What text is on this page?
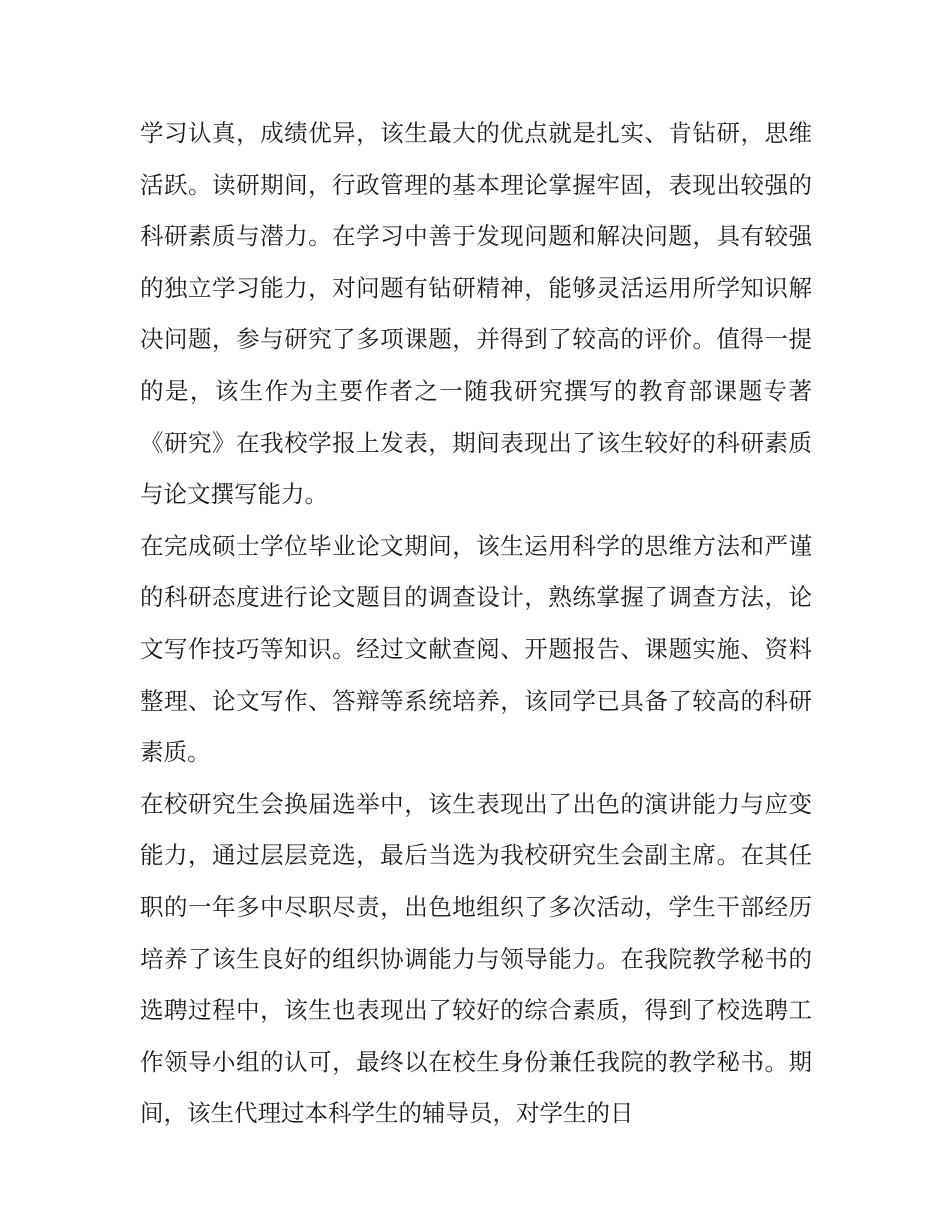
学习认真，成绩优异，该生最大的优点就是扎实、肯钻研，思维活跃。读研期间，行政管理的基本理论掌握牢固，表现出较强的科研素质与潜力。在学习中善于发现问题和解决问题，具有较强的独立学习能力，对问题有钻研精神，能够灵活运用所学知识解决问题，参与研究了多项课题，并得到了较高的评价。值得一提的是，该生作为主要作者之一随我研究撰写的教育部课题专著《研究》在我校学报上发表，期间表现出了该生较好的科研素质与论文撰写能力。

在完成硕士学位毕业论文期间，该生运用科学的思维方法和严谨的科研态度进行论文题目的调查设计，熟练掌握了调查方法，论文写作技巧等知识。经过文献查阅、开题报告、课题实施、资料整理、论文写作、答辩等系统培养，该同学已具备了较高的科研素质。

在校研究生会换届选举中，该生表现出了出色的演讲能力与应变能力，通过层层竞选，最后当选为我校研究生会副主席。在其任职的一年多中尽职尽责，出色地组织了多次活动，学生干部经历培养了该生良好的组织协调能力与领导能力。在我院教学秘书的选聘过程中，该生也表现出了较好的综合素质，得到了校选聘工作领导小组的认可，最终以在校生身份兼任我院的教学秘书。期间，该生代理过本科学生的辅导员，对学生的日
